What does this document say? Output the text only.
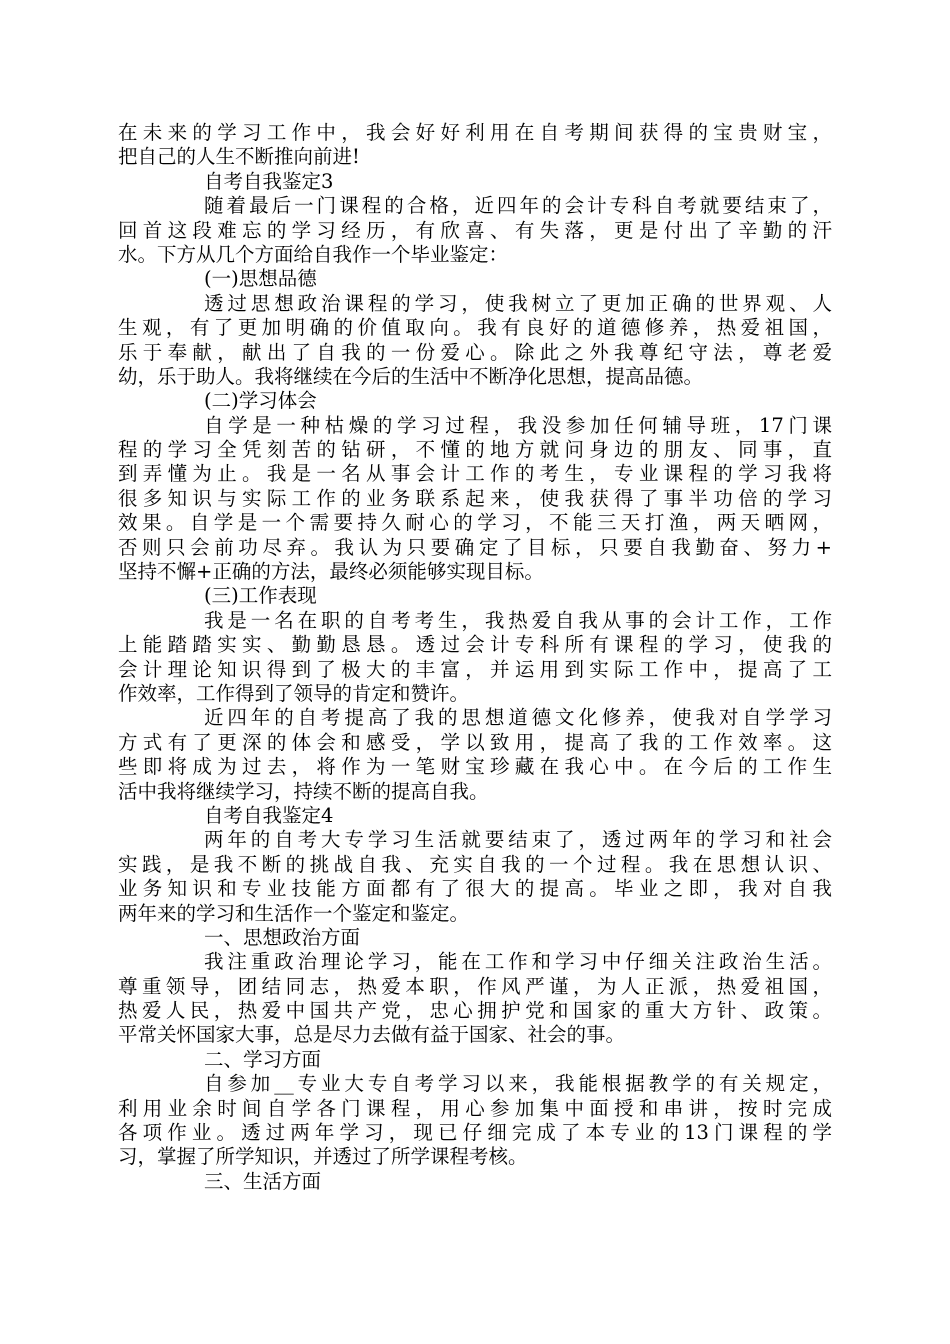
在未来的学习工作中，我会好好利用在自考期间获得的宝贵财宝，
把自己的人生不断推向前进!
自考自我鉴定3
随着最后一门课程的合格，近四年的会计专科自考就要结束了，
回首这段难忘的学习经历，有欣喜、有失落，更是付出了辛勤的汗
水。下方从几个方面给自我作一个毕业鉴定：
(一)思想品德
透过思想政治课程的学习，使我树立了更加正确的世界观、人
生观，有了更加明确的价值取向。我有良好的道德修养，热爱祖国，
乐于奉献，献出了自我的一份爱心。除此之外我尊纪守法，尊老爱
幼，乐于助人。我将继续在今后的生活中不断净化思想，提高品德。
(二)学习体会
自学是一种枯燥的学习过程，我没参加任何辅导班，17门课
程的学习全凭刻苦的钻研，不懂的地方就问身边的朋友、同事，直
到弄懂为止。我是一名从事会计工作的考生，专业课程的学习我将
很多知识与实际工作的业务联系起来，使我获得了事半功倍的学习
效果。自学是一个需要持久耐心的学习，不能三天打渔，两天晒网，
否则只会前功尽弃。我认为只要确定了目标，只要自我勤奋、努力+
坚持不懈+正确的方法，最终必须能够实现目标。
(三)工作表现
我是一名在职的自考考生，我热爱自我从事的会计工作，工作
上能踏踏实实、勤勤恳恳。透过会计专科所有课程的学习，使我的
会计理论知识得到了极大的丰富，并运用到实际工作中，提高了工
作效率，工作得到了领导的肯定和赞许。
近四年的自考提高了我的思想道德文化修养，使我对自学学习
方式有了更深的体会和感受，学以致用，提高了我的工作效率。这
些即将成为过去，将作为一笔财宝珍藏在我心中。在今后的工作生
活中我将继续学习，持续不断的提高自我。
自考自我鉴定4
两年的自考大专学习生活就要结束了，透过两年的学习和社会
实践，是我不断的挑战自我、充实自我的一个过程。我在思想认识、
业务知识和专业技能方面都有了很大的提高。毕业之即，我对自我
两年来的学习和生活作一个鉴定和鉴定。
一、思想政治方面
我注重政治理论学习，能在工作和学习中仔细关注政治生活。
尊重领导，团结同志，热爱本职，作风严谨，为人正派，热爱祖国，
热爱人民，热爱中国共产党，忠心拥护党和国家的重大方针、政策。
平常关怀国家大事，总是尽力去做有益于国家、社会的事。
二、学习方面
自参加__专业大专自考学习以来，我能根据教学的有关规定，
利用业余时间自学各门课程，用心参加集中面授和串讲，按时完成
各项作业。透过两年学习，现已仔细完成了本专业的13门课程的学
习，掌握了所学知识，并透过了所学课程考核。
三、生活方面
